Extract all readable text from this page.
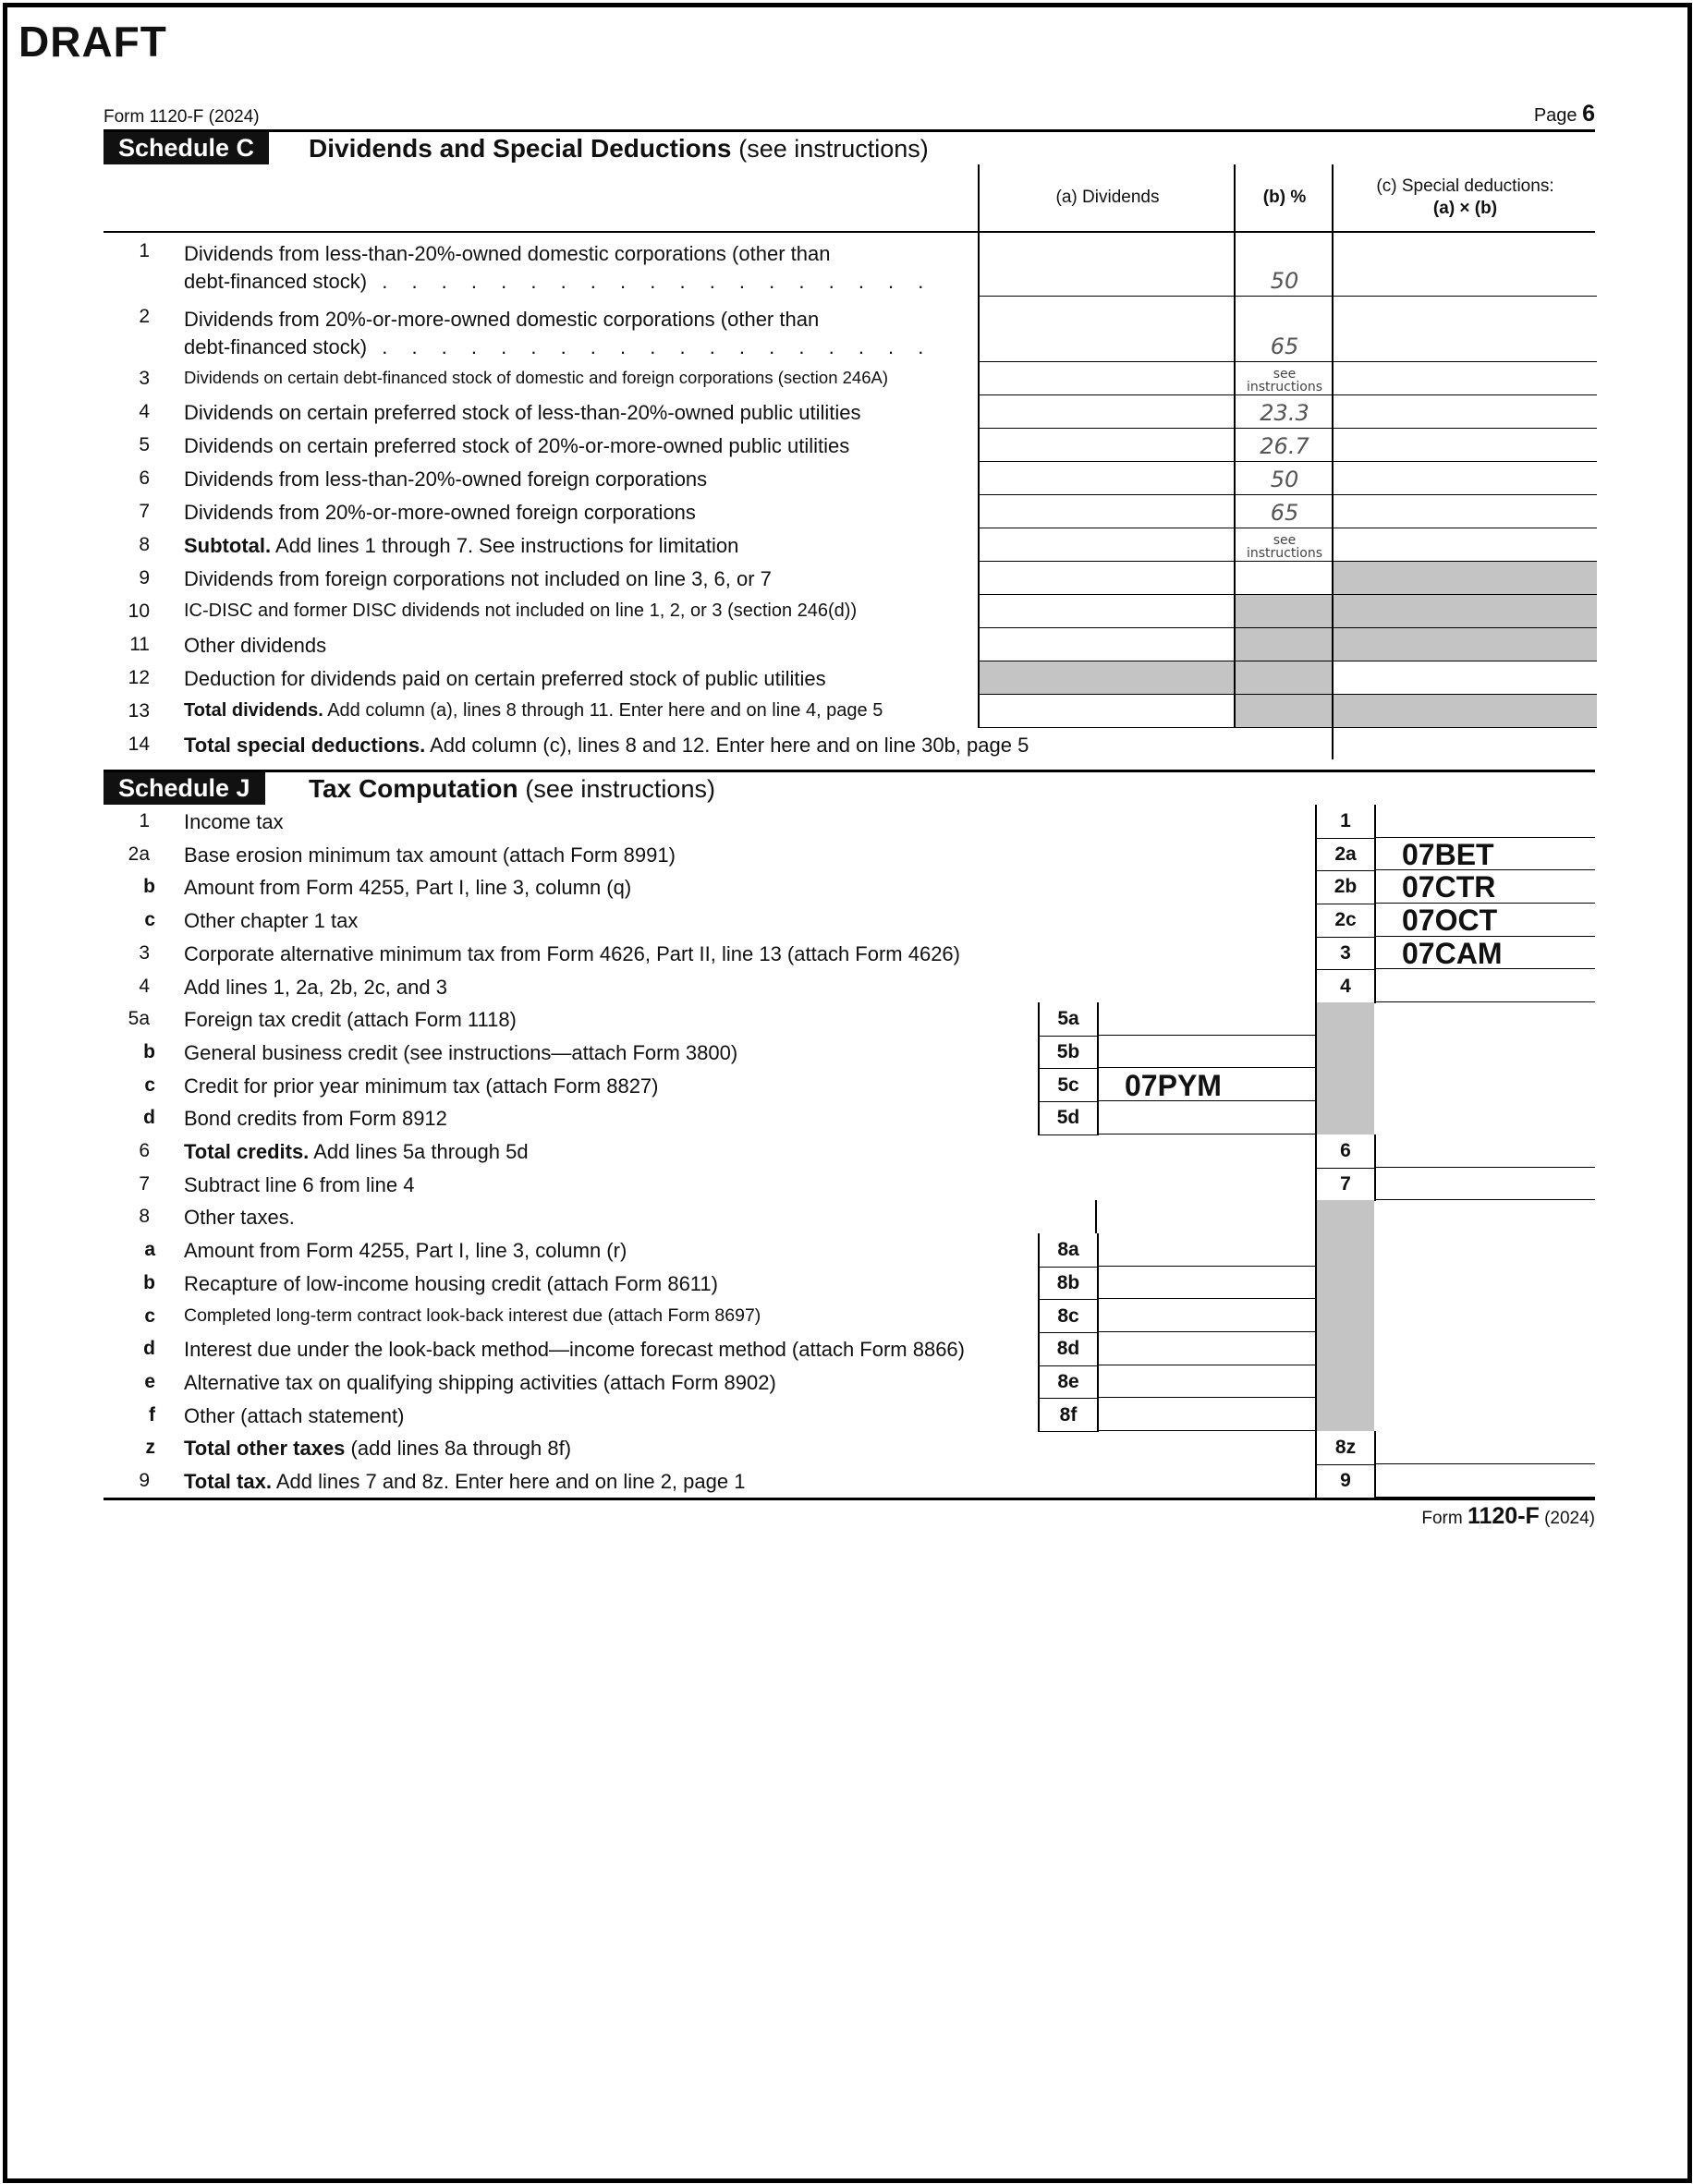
DRAFT
Form 1120-F (2024)	Page 6
Schedule C	Dividends and Special Deductions (see instructions)
(a) Dividends	(b) %
(c) Special deductions:
(a) × (b)
1 Dividends from less-than-20%-owned domestic corporations (other than
debt-financed stock) . . . . . . . . . . . . . . . . . . .	50
2 Dividends from 20%-or-more-owned domestic corporations (other than
debt-financed stock) . . . . . . . . . . . . . . . . . . .	65
3 Dividends on certain debt-financed stock of domestic and foreign corporations (section 246A)	see instructions
4 Dividends on certain preferred stock of less-than-20%-owned public utilities	23.3
5 Dividends on certain preferred stock of 20%-or-more-owned public utilities	26.7
6 Dividends from less-than-20%-owned foreign corporations	50
7 Dividends from 20%-or-more-owned foreign corporations	65
8 Subtotal. Add lines 1 through 7. See instructions for limitation	see instructions
9 Dividends from foreign corporations not included on line 3, 6, or 7
10 IC-DISC and former DISC dividends not included on line 1, 2, or 3 (section 246(d))
11 Other dividends
12 Deduction for dividends paid on certain preferred stock of public utilities
13 Total dividends. Add column (a), lines 8 through 11. Enter here and on line 4, page 5
14 Total special deductions. Add column (c), lines 8 and 12. Enter here and on line 30b, page 5
Schedule J	Tax Computation (see instructions)
1 Income tax	1
2a Base erosion minimum tax amount (attach Form 8991)	2a	07BET
b Amount from Form 4255, Part I, line 3, column (q)	2b	07CTR
c Other chapter 1 tax	2c	07OCT
3 Corporate alternative minimum tax from Form 4626, Part II, line 13 (attach Form 4626)	3	07CAM
4 Add lines 1, 2a, 2b, 2c, and 3	4
5a Foreign tax credit (attach Form 1118)	5a
b General business credit (see instructions—attach Form 3800)	5b
c Credit for prior year minimum tax (attach Form 8827)	5c	07PYM
d Bond credits from Form 8912	5d
6 Total credits. Add lines 5a through 5d	6
7 Subtract line 6 from line 4	7
8 Other taxes.
a Amount from Form 4255, Part I, line 3, column (r)	8a
b Recapture of low-income housing credit (attach Form 8611)	8b
c Completed long-term contract look-back interest due (attach Form 8697)	8c
d Interest due under the look-back method—income forecast method (attach Form 8866)	8d
e Alternative tax on qualifying shipping activities (attach Form 8902)	8e
f Other (attach statement)	8f
z Total other taxes (add lines 8a through 8f)	8z
9 Total tax. Add lines 7 and 8z. Enter here and on line 2, page 1	9
Form 1120-F (2024)
